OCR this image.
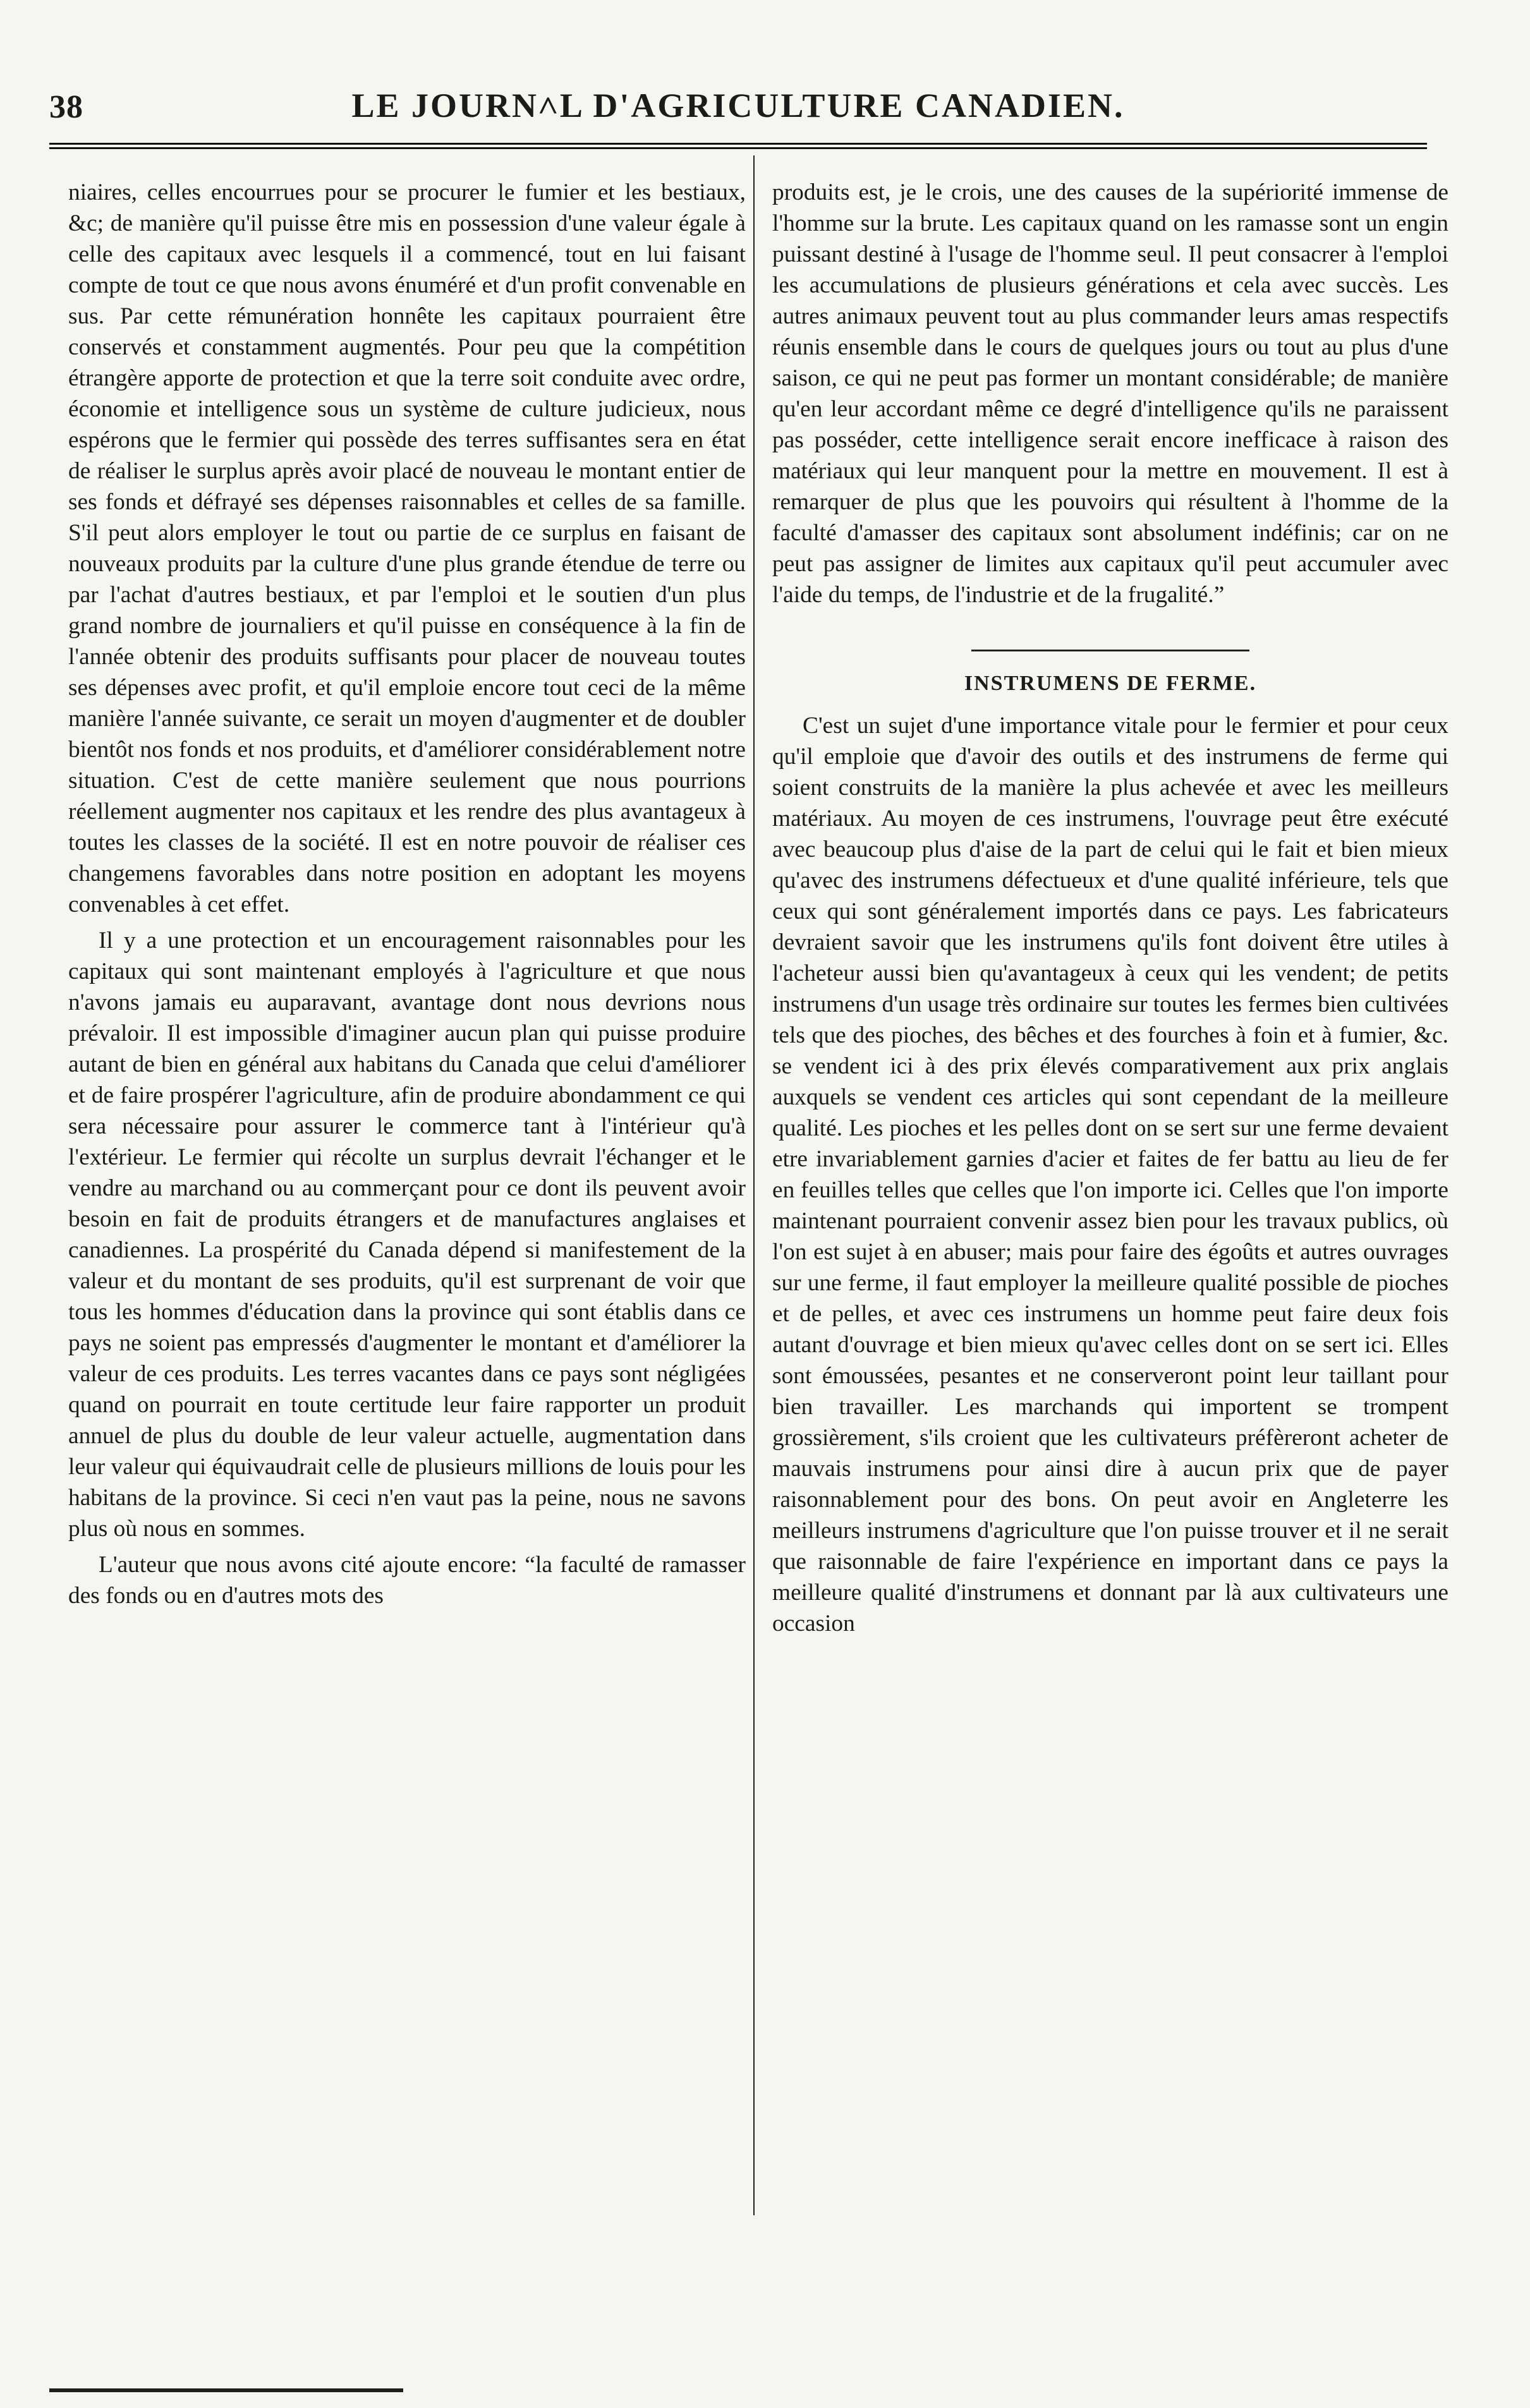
38	LE JOURN˄L D'AGRICULTURE CANADIEN.

niaires, celles encourrues pour se procurer le fumier et les bestiaux, &c; de manière qu'il puisse être mis en possession d'une valeur égale à celle des capitaux avec lesquels il a commencé, tout en lui faisant compte de tout ce que nous avons énuméré et d'un profit convenable en sus. Par cette rémunération honnête les capitaux pourraient être conservés et constamment augmentés. Pour peu que la compétition étrangère apporte de protection et que la terre soit conduite avec ordre, économie et intelligence sous un système de culture judicieux, nous espérons que le fermier qui possède des terres suffisantes sera en état de réaliser le surplus après avoir placé de nouveau le montant entier de ses fonds et défrayé ses dépenses raisonnables et celles de sa famille. S'il peut alors employer le tout ou partie de ce surplus en faisant de nouveaux produits par la culture d'une plus grande étendue de terre ou par l'achat d'autres bestiaux, et par l'emploi et le soutien d'un plus grand nombre de journaliers et qu'il puisse en conséquence à la fin de l'année obtenir des produits suffisants pour placer de nouveau toutes ses dépenses avec profit, et qu'il emploie encore tout ceci de la même manière l'année suivante, ce serait un moyen d'augmenter et de doubler bientôt nos fonds et nos produits, et d'améliorer considérablement notre situation. C'est de cette manière seulement que nous pourrions réellement augmenter nos capitaux et les rendre des plus avantageux à toutes les classes de la société. Il est en notre pouvoir de réaliser ces changemens favorables dans notre position en adoptant les moyens convenables à cet effet.

Il y a une protection et un encouragement raisonnables pour les capitaux qui sont maintenant employés à l'agriculture et que nous n'avons jamais eu auparavant, avantage dont nous devrions nous prévaloir. Il est impossible d'imaginer aucun plan qui puisse produire autant de bien en général aux habitans du Canada que celui d'améliorer et de faire prospérer l'agriculture, afin de produire abondamment ce qui sera nécessaire pour assurer le commerce tant à l'intérieur qu'à l'extérieur. Le fermier qui récolte un surplus devrait l'échanger et le vendre au marchand ou au commerçant pour ce dont ils peuvent avoir besoin en fait de produits étrangers et de manufactures anglaises et canadiennes. La prospérité du Canada dépend si manifestement de la valeur et du montant de ses produits, qu'il est surprenant de voir que tous les hommes d'éducation dans la province qui sont établis dans ce pays ne soient pas empressés d'augmenter le montant et d'améliorer la valeur de ces produits. Les terres vacantes dans ce pays sont négligées quand on pourrait en toute certitude leur faire rapporter un produit annuel de plus du double de leur valeur actuelle, augmentation dans leur valeur qui équivaudrait celle de plusieurs millions de louis pour les habitans de la province. Si ceci n'en vaut pas la peine, nous ne savons plus où nous en sommes.

L'auteur que nous avons cité ajoute encore: “la faculté de ramasser des fonds ou en d'autres mots des

produits est, je le crois, une des causes de la supériorité immense de l'homme sur la brute. Les capitaux quand on les ramasse sont un engin puissant destiné à l'usage de l'homme seul. Il peut consacrer à l'emploi les accumulations de plusieurs générations et cela avec succès. Les autres animaux peuvent tout au plus commander leurs amas respectifs réunis ensemble dans le cours de quelques jours ou tout au plus d'une saison, ce qui ne peut pas former un montant considérable; de manière qu'en leur accordant même ce degré d'intelligence qu'ils ne paraissent pas posséder, cette intelligence serait encore inefficace à raison des matériaux qui leur manquent pour la mettre en mouvement. Il est à remarquer de plus que les pouvoirs qui résultent à l'homme de la faculté d'amasser des capitaux sont absolument indéfinis; car on ne peut pas assigner de limites aux capitaux qu'il peut accumuler avec l'aide du temps, de l'industrie et de la frugalité.”

INSTRUMENS DE FERME.

C'est un sujet d'une importance vitale pour le fermier et pour ceux qu'il emploie que d'avoir des outils et des instrumens de ferme qui soient construits de la manière la plus achevée et avec les meilleurs matériaux. Au moyen de ces instrumens, l'ouvrage peut être exécuté avec beaucoup plus d'aise de la part de celui qui le fait et bien mieux qu'avec des instrumens défectueux et d'une qualité inférieure, tels que ceux qui sont généralement importés dans ce pays. Les fabricateurs devraient savoir que les instrumens qu'ils font doivent être utiles à l'acheteur aussi bien qu'avantageux à ceux qui les vendent; de petits instrumens d'un usage très ordinaire sur toutes les fermes bien cultivées tels que des pioches, des bêches et des fourches à foin et à fumier, &c. se vendent ici à des prix élevés comparativement aux prix anglais auxquels se vendent ces articles qui sont cependant de la meilleure qualité. Les pioches et les pelles dont on se sert sur une ferme devaient etre invariablement garnies d'acier et faites de fer battu au lieu de fer en feuilles telles que celles que l'on importe ici. Celles que l'on importe maintenant pourraient convenir assez bien pour les travaux publics, où l'on est sujet à en abuser; mais pour faire des égoûts et autres ouvrages sur une ferme, il faut employer la meilleure qualité possible de pioches et de pelles, et avec ces instrumens un homme peut faire deux fois autant d'ouvrage et bien mieux qu'avec celles dont on se sert ici. Elles sont émoussées, pesantes et ne conserveront point leur taillant pour bien travailler. Les marchands qui importent se trompent grossièrement, s'ils croient que les cultivateurs préfèreront acheter de mauvais instrumens pour ainsi dire à aucun prix que de payer raisonnablement pour des bons. On peut avoir en Angleterre les meilleurs instrumens d'agriculture que l'on puisse trouver et il ne serait que raisonnable de faire l'expérience en important dans ce pays la meilleure qualité d'instrumens et donnant par là aux cultivateurs une occasion
